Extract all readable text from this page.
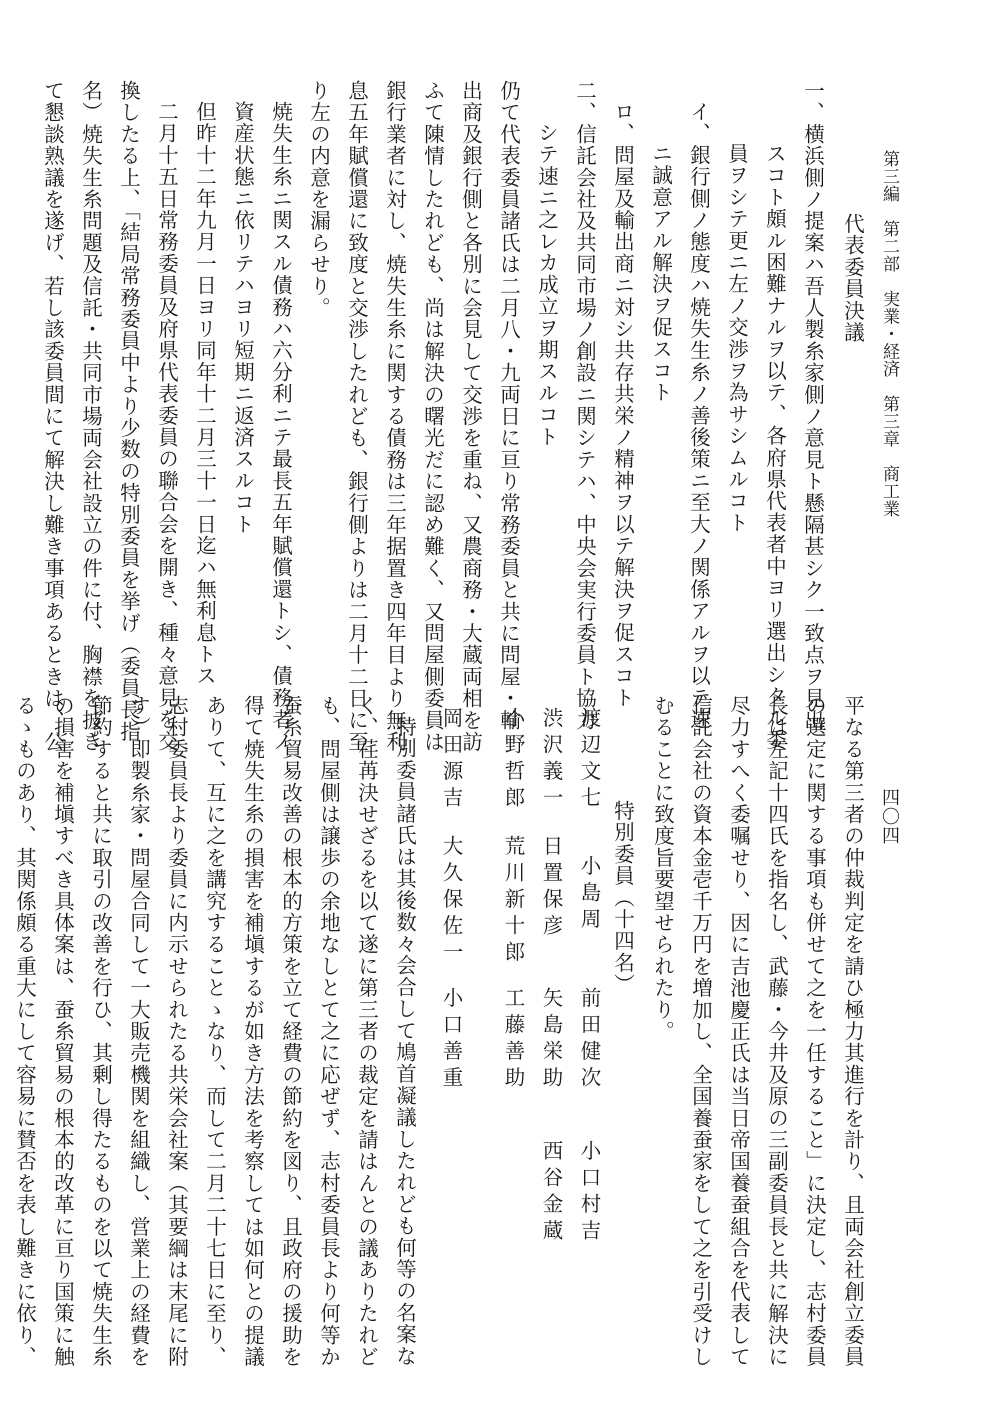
第三編　第二部　実業・経済　第三章　商工業
四〇四
代表委員決議
一、横浜側ノ提案ハ吾人製糸家側ノ意見ト懸隔甚シク一致点ヲ見出
スコト頗ル困難ナルヲ以テ、各府県代表者中ヨリ選出シタル委
員ヲシテ更ニ左ノ交渉ヲ為サシムルコト
イ、銀行側ノ態度ハ焼失生糸ノ善後策ニ至大ノ関係アルヲ以テ速
ニ誠意アル解決ヲ促スコト
ロ、問屋及輸出商ニ対シ共存共栄ノ精神ヲ以テ解決ヲ促スコト
二、信託会社及共同市場ノ創設ニ関シテハ、中央会実行委員ト協力
シテ速ニ之レカ成立ヲ期スルコト
仍て代表委員諸氏は二月八・九両日に亘り常務委員と共に問屋・輸
出商及銀行側と各別に会見して交渉を重ね、又農商務・大蔵両相を訪
ふて陳情したれども、尚は解決の曙光だに認め難く、又問屋側委員は
銀行業者に対し、焼失生糸に関する債務は三年据置き四年目より無利
息五年賦償還に致度と交渉したれども、銀行側よりは二月十二日に至
り左の内意を漏らせり。
焼失生糸ニ関スル債務ハ六分利ニテ最長五年賦償還トシ、債務者ノ
資産状態ニ依リテハヨリ短期ニ返済スルコト
但昨十二年九月一日ヨリ同年十二月三十一日迄ハ無利息トス
二月十五日常務委員及府県代表委員の聯合会を開き、種々意見を交
換したる上、「結局常務委員中より少数の特別委員を挙げ（委員長指
名）焼失生糸問題及信託・共同市場両会社設立の件に付、胸襟を披き
て懇談熟議を遂げ、若し該委員間にて解決し難き事項あるときは、公
平なる第三者の仲裁判定を請ひ極力其進行を計り、且両会社創立委員
の選定に関する事項も併せて之を一任すること」に決定し、志村委員
長は左記十四氏を指名し、武藤・今井及原の三副委員長と共に解決に
尽力すへく委嘱せり、因に吉池慶正氏は当日帝国養蚕組合を代表して
信託会社の資本金壱千万円を増加し、全国養蚕家をして之を引受けし
むることに致度旨要望せられたり。
特別委員（十四名）
渡辺文七
小島周
前田健次
小口村吉
渋沢義一
日置保彦
矢島栄助
西谷金蔵
小野哲郎
荒川新十郎
工藤善助
岡田源吉
大久保佐一
小口善重
特別委員諸氏は其後数々会合して鳩首凝議したれども何等の名案な
く、荏苒決せざるを以て遂に第三者の裁定を請はんとの議ありたれど
も、問屋側は譲歩の余地なしとて之に応ぜず、志村委員長より何等か
蚕糸貿易改善の根本的方策を立て経費の節約を図り、且政府の援助を
得て焼失生糸の損害を補塡するが如き方法を考察しては如何との提議
ありて、互に之を講究することゝなり、而して二月二十七日に至り、
志村委員長より委員に内示せられたる共栄会社案（其要綱は末尾に附
す）即製糸家・問屋合同して一大販売機関を組織し、営業上の経費を
節約すると共に取引の改善を行ひ、其剰し得たるものを以て焼失生糸
の損害を補塡すべき具体案は、蚕糸貿易の根本的改革に亘り国策に触
るゝものあり、其関係頗る重大にして容易に賛否を表し難きに依り、
